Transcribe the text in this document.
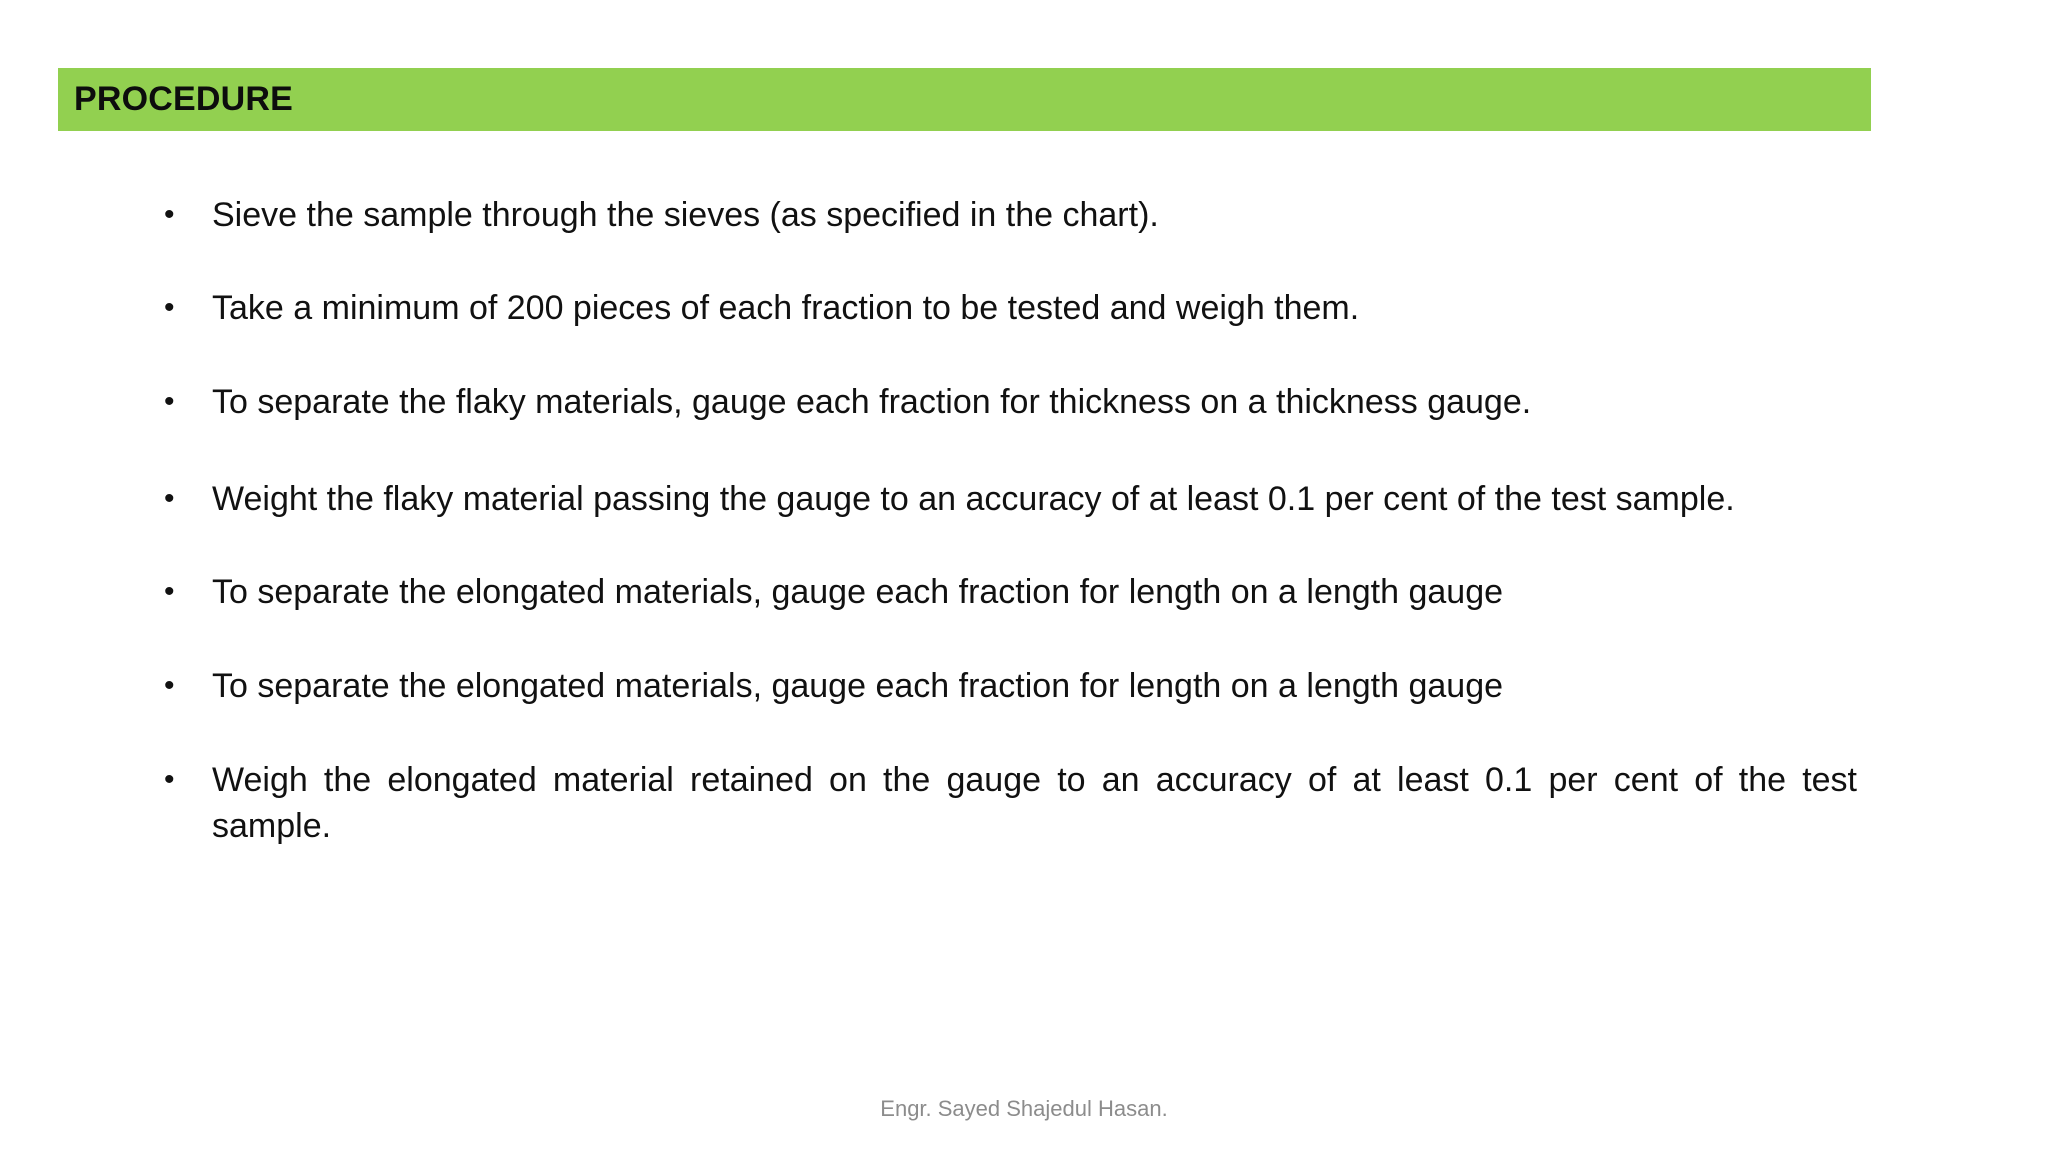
PROCEDURE
•	Sieve the sample through the sieves (as specified in the chart).
•	Take a minimum of 200 pieces of each fraction to be tested and weigh them.
•	To separate the flaky materials, gauge each fraction for thickness on a thickness gauge.
•	Weight the flaky material passing the gauge to an accuracy of at least 0.1 per cent of the test sample.
•	To separate the elongated materials, gauge each fraction for length on a length gauge
•	To separate the elongated materials, gauge each fraction for length on a length gauge
•	Weigh the elongated material retained on the gauge to an accuracy of at least 0.1 per cent of the test sample.
Engr. Sayed Shajedul Hasan.
